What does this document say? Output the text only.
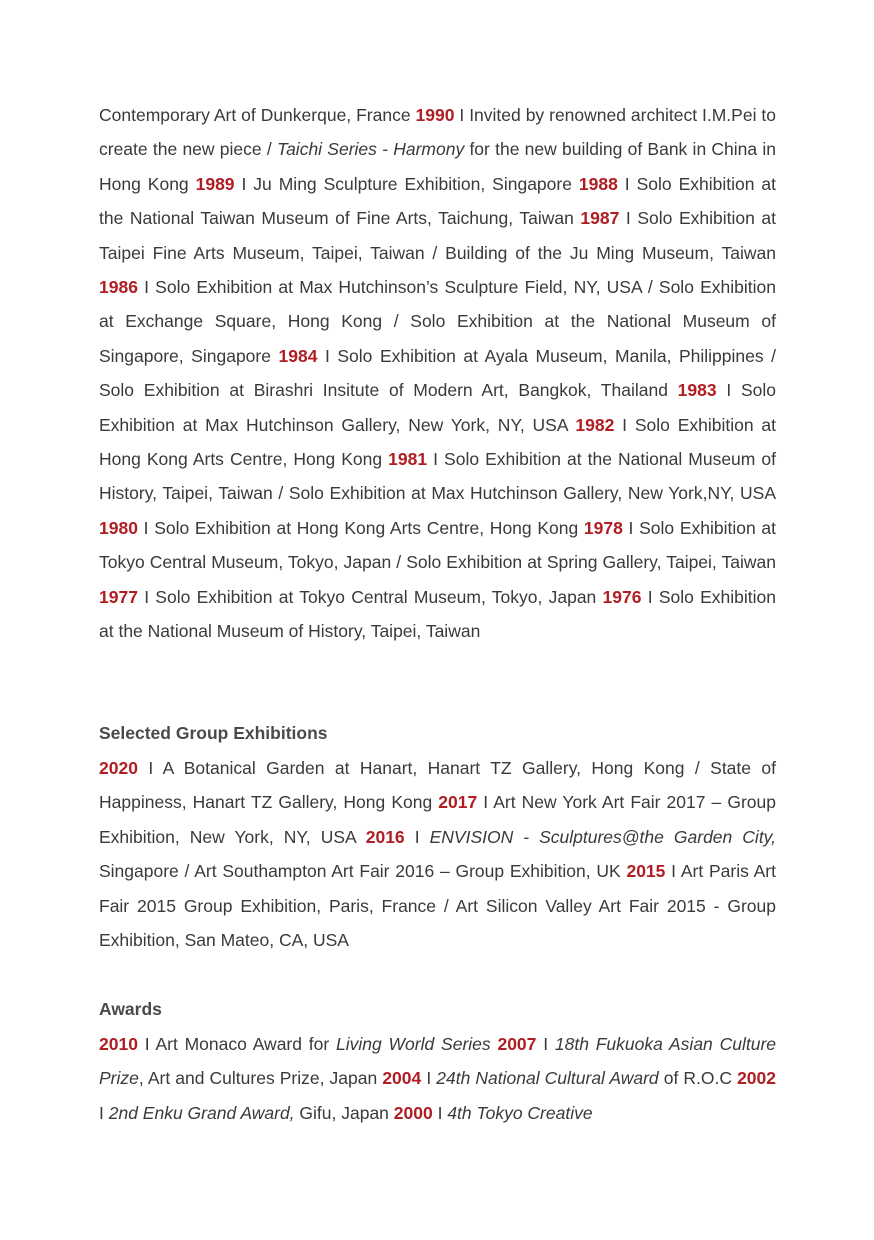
Contemporary Art of Dunkerque, France 1990 I Invited by renowned architect I.M.Pei to create the new piece / Taichi Series - Harmony for the new building of Bank in China in Hong Kong 1989 I Ju Ming Sculpture Exhibition, Singapore 1988 I Solo Exhibition at the National Taiwan Museum of Fine Arts, Taichung, Taiwan 1987 I Solo Exhibition at Taipei Fine Arts Museum, Taipei, Taiwan / Building of the Ju Ming Museum, Taiwan 1986 I Solo Exhibition at Max Hutchinson’s Sculpture Field, NY, USA / Solo Exhibition at Exchange Square, Hong Kong / Solo Exhibition at the National Museum of Singapore, Singapore 1984 I Solo Exhibition at Ayala Museum, Manila, Philippines / Solo Exhibition at Birashri Insitute of Modern Art, Bangkok, Thailand 1983 I Solo Exhibition at Max Hutchinson Gallery, New York, NY, USA 1982 I Solo Exhibition at Hong Kong Arts Centre, Hong Kong 1981 I Solo Exhibition at the National Museum of History, Taipei, Taiwan / Solo Exhibition at Max Hutchinson Gallery, New York,NY, USA 1980 I Solo Exhibition at Hong Kong Arts Centre, Hong Kong 1978 I Solo Exhibition at Tokyo Central Museum, Tokyo, Japan / Solo Exhibition at Spring Gallery, Taipei, Taiwan 1977 I Solo Exhibition at Tokyo Central Museum, Tokyo, Japan 1976 I Solo Exhibition at the National Museum of History, Taipei, Taiwan

Selected Group Exhibitions

2020 I A Botanical Garden at Hanart, Hanart TZ Gallery, Hong Kong / State of Happiness, Hanart TZ Gallery, Hong Kong 2017 I Art New York Art Fair 2017 – Group Exhibition, New York, NY, USA 2016 I ENVISION - Sculptures@the Garden City, Singapore / Art Southampton Art Fair 2016 – Group Exhibition, UK 2015 I Art Paris Art Fair 2015 Group Exhibition, Paris, France / Art Silicon Valley Art Fair 2015 - Group Exhibition, San Mateo, CA, USA

Awards

2010 I Art Monaco Award for Living World Series 2007 I 18th Fukuoka Asian Culture Prize, Art and Cultures Prize, Japan 2004 I 24th National Cultural Award of R.O.C 2002 I 2nd Enku Grand Award, Gifu, Japan 2000 I 4th Tokyo Creative
